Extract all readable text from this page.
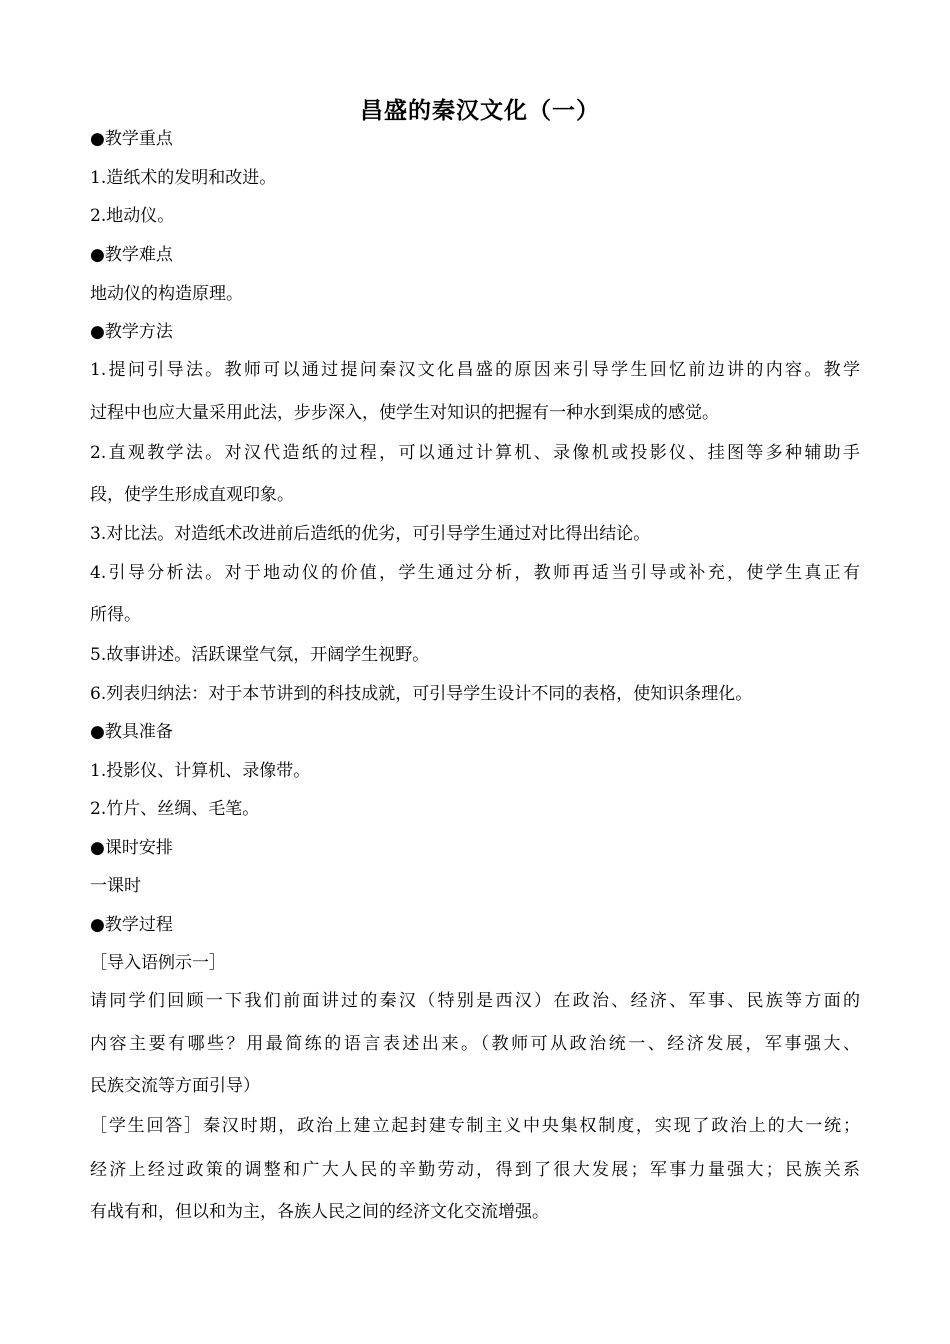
昌盛的秦汉文化（一）
●教学重点
1.造纸术的发明和改进。
2.地动仪。
●教学难点
地动仪的构造原理。
●教学方法
1.提问引导法。教师可以通过提问秦汉文化昌盛的原因来引导学生回忆前边讲的内容。教学
过程中也应大量采用此法，步步深入，使学生对知识的把握有一种水到渠成的感觉。
2.直观教学法。对汉代造纸的过程，可以通过计算机、录像机或投影仪、挂图等多种辅助手
段，使学生形成直观印象。
3.对比法。对造纸术改进前后造纸的优劣，可引导学生通过对比得出结论。
4.引导分析法。对于地动仪的价值，学生通过分析，教师再适当引导或补充，使学生真正有
所得。
5.故事讲述。活跃课堂气氛，开阔学生视野。
6.列表归纳法：对于本节讲到的科技成就，可引导学生设计不同的表格，使知识条理化。
●教具准备
1.投影仪、计算机、录像带。
2.竹片、丝绸、毛笔。
●课时安排
一课时
●教学过程
［导入语例示一］
请同学们回顾一下我们前面讲过的秦汉（特别是西汉）在政治、经济、军事、民族等方面的
内容主要有哪些？用最简练的语言表述出来。（教师可从政治统一、经济发展，军事强大、
民族交流等方面引导）
［学生回答］秦汉时期，政治上建立起封建专制主义中央集权制度，实现了政治上的大一统；
经济上经过政策的调整和广大人民的辛勤劳动，得到了很大发展；军事力量强大；民族关系
有战有和，但以和为主，各族人民之间的经济文化交流增强。
